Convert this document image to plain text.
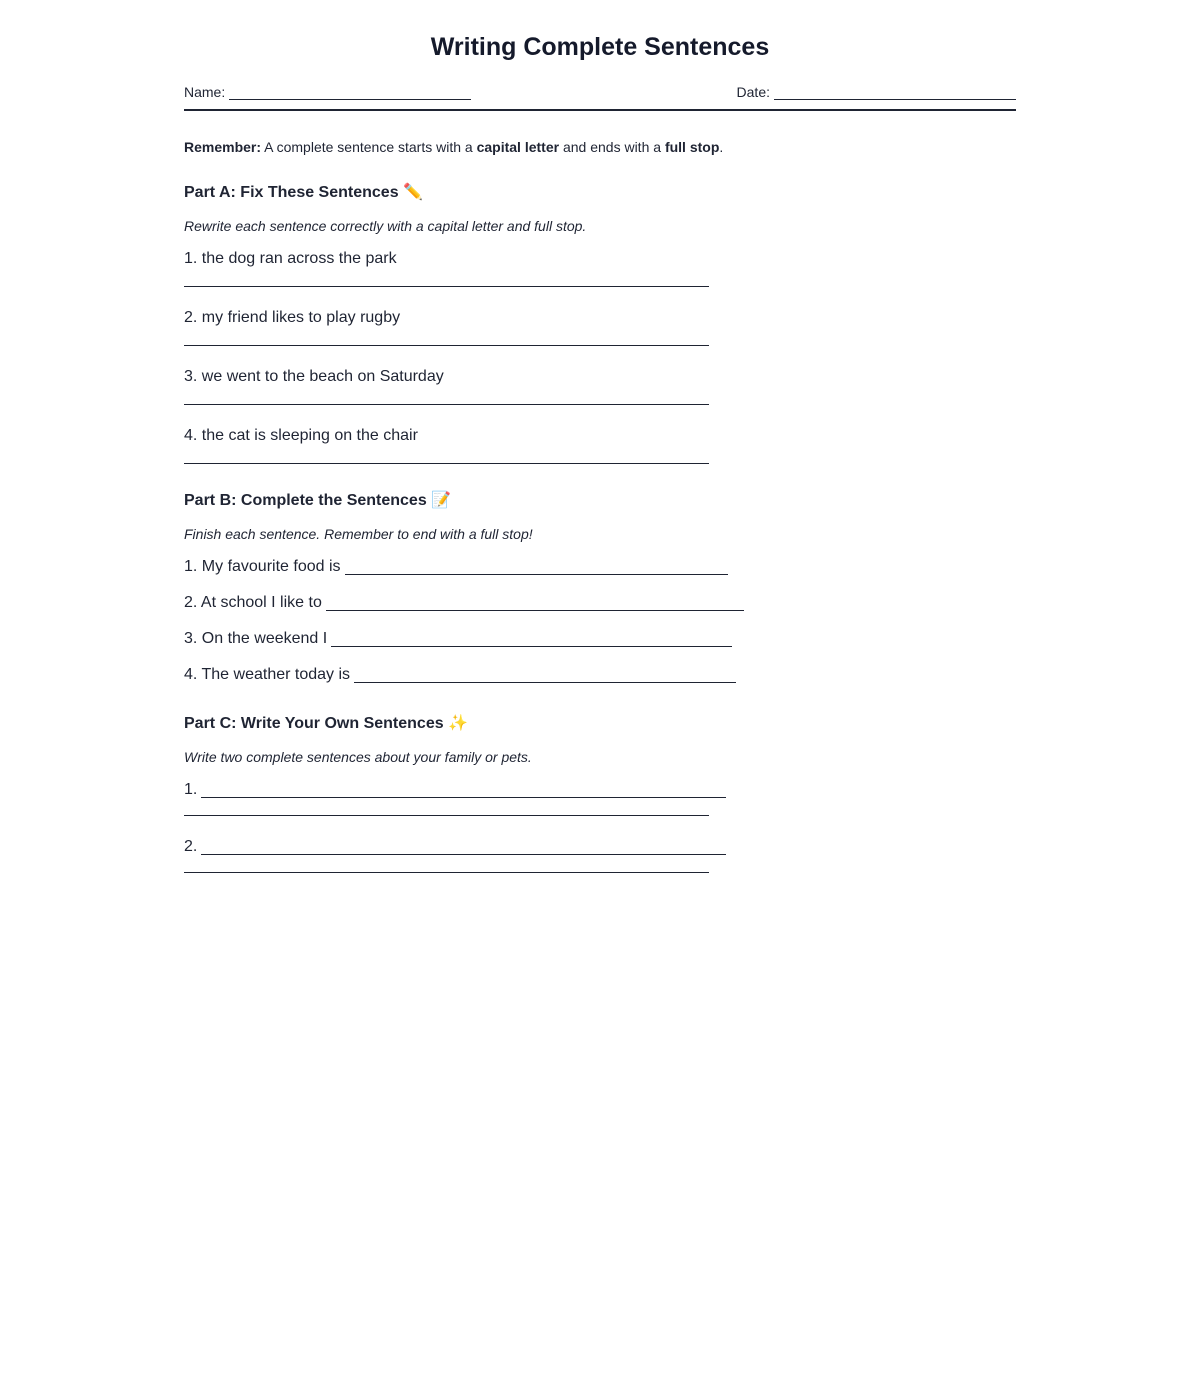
Writing Complete Sentences
Name:	Date:
Remember: A complete sentence starts with a capital letter and ends with a full stop.
Part A: Fix These Sentences ✏️
Rewrite each sentence correctly with a capital letter and full stop.
1. the dog ran across the park
2. my friend likes to play rugby
3. we went to the beach on Saturday
4. the cat is sleeping on the chair
Part B: Complete the Sentences 📝
Finish each sentence. Remember to end with a full stop!
1. My favourite food is
2. At school I like to
3. On the weekend I
4. The weather today is
Part C: Write Your Own Sentences ✨
Write two complete sentences about your family or pets.
1.
2.
